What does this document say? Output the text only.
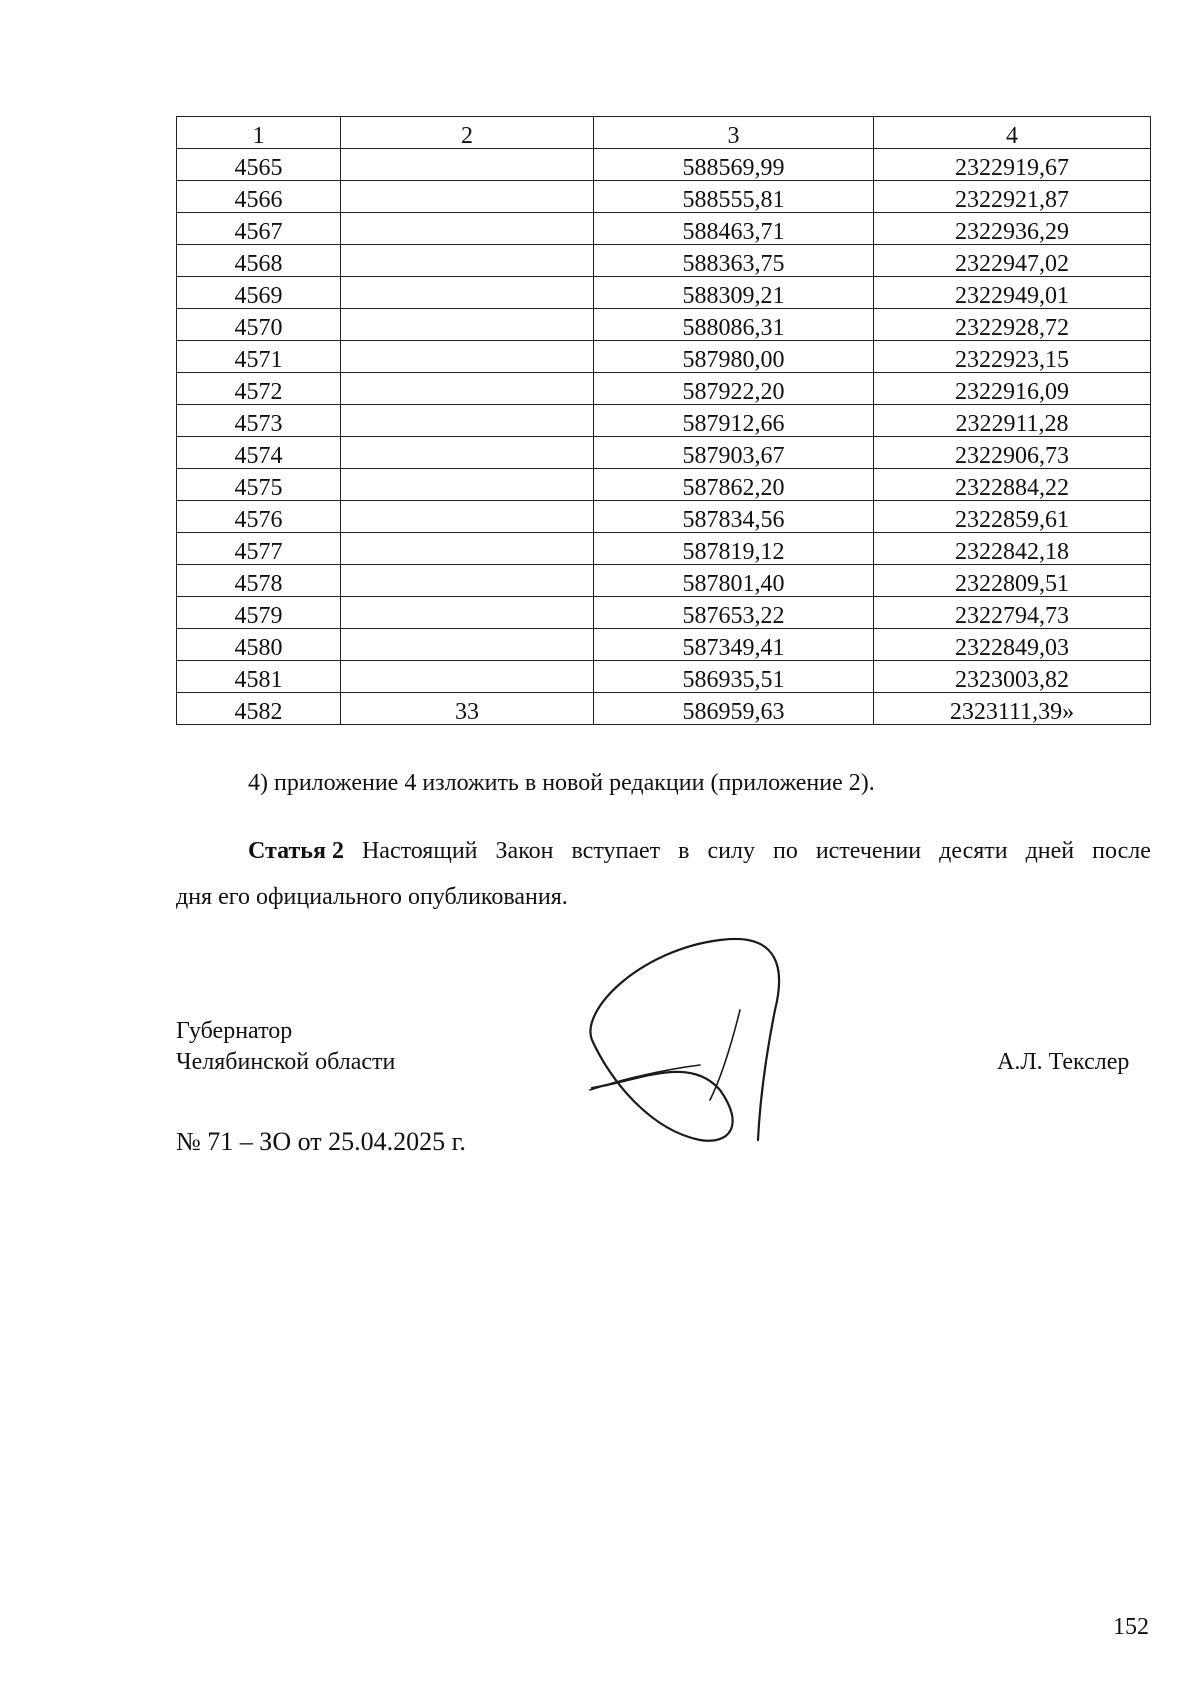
1	2	3	4
4565		588569,99	2322919,67
4566		588555,81	2322921,87
4567		588463,71	2322936,29
4568		588363,75	2322947,02
4569		588309,21	2322949,01
4570		588086,31	2322928,72
4571		587980,00	2322923,15
4572		587922,20	2322916,09
4573		587912,66	2322911,28
4574		587903,67	2322906,73
4575		587862,20	2322884,22
4576		587834,56	2322859,61
4577		587819,12	2322842,18
4578		587801,40	2322809,51
4579		587653,22	2322794,73
4580		587349,41	2322849,03
4581		586935,51	2323003,82
4582	33	586959,63	2323111,39»
4) приложение 4 изложить в новой редакции (приложение 2).
Статья 2 Настоящий Закон вступает в силу по истечении десяти дней после
дня его официального опубликования.
Губернатор
Челябинской области	А.Л. Текслер
№ 71 – ЗО от 25.04.2025 г.
152
